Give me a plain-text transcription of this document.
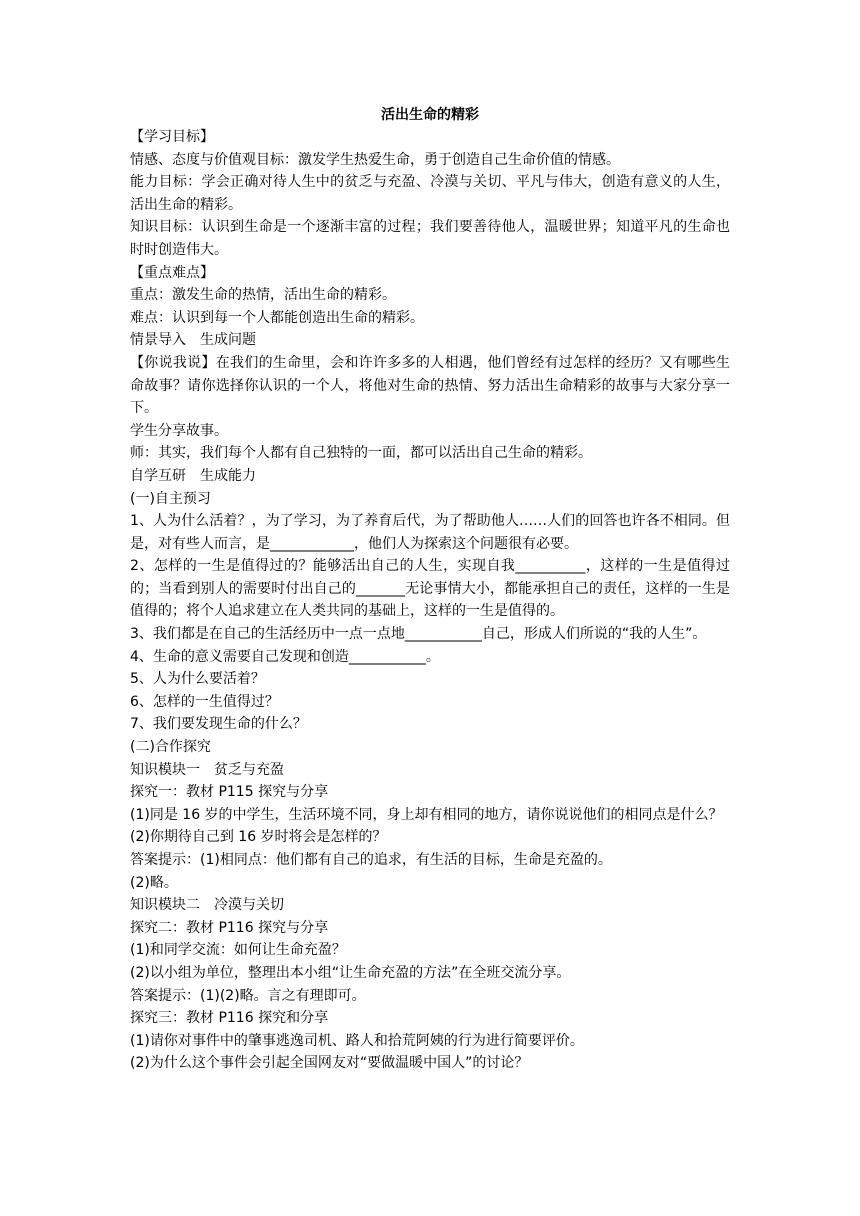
活出生命的精彩

【学习目标】

情感、态度与价值观目标：激发学生热爱生命，勇于创造自己生命价值的情感。

能力目标：学会正确对待人生中的贫乏与充盈、冷漠与关切、平凡与伟大，创造有意义的人生，活出生命的精彩。

知识目标：认识到生命是一个逐渐丰富的过程；我们要善待他人，温暖世界；知道平凡的生命也时时创造伟大。

【重点难点】

重点：激发生命的热情，活出生命的精彩。

难点：认识到每一个人都能创造出生命的精彩。

情景导入　生成问题

【你说我说】在我们的生命里，会和许许多多的人相遇，他们曾经有过怎样的经历？又有哪些生命故事？请你选择你认识的一个人，将他对生命的热情、努力活出生命精彩的故事与大家分享一下。

学生分享故事。

师：其实，我们每个人都有自己独特的一面，都可以活出自己生命的精彩。

自学互研　生成能力

(一)自主预习

1、人为什么活着？，为了学习，为了养育后代，为了帮助他人……人们的回答也许各不相同。但是，对有些人而言，是____________，他们人为探索这个问题很有必要。

2、怎样的一生是值得过的？能够活出自己的人生，实现自我__________，这样的一生是值得过的；当看到别人的需要时付出自己的_______无论事情大小，都能承担自己的责任，这样的一生是值得的；将个人追求建立在人类共同的基础上，这样的一生是值得的。

3、我们都是在自己的生活经历中一点一点地___________自己，形成人们所说的“我的人生”。

4、生命的意义需要自己发现和创造___________。

5、人为什么要活着？

6、怎样的一生值得过？

7、我们要发现生命的什么？

(二)合作探究

知识模块一　贫乏与充盈

探究一：教材 P115 探究与分享

(1)同是 16 岁的中学生，生活环境不同，身上却有相同的地方，请你说说他们的相同点是什么？

(2)你期待自己到 16 岁时将会是怎样的？

答案提示：(1)相同点：他们都有自己的追求，有生活的目标，生命是充盈的。

(2)略。

知识模块二　冷漠与关切

探究二：教材 P116 探究与分享

(1)和同学交流：如何让生命充盈？

(2)以小组为单位，整理出本小组“让生命充盈的方法”在全班交流分享。

答案提示：(1)(2)略。言之有理即可。

探究三：教材 P116 探究和分享

(1)请你对事件中的肇事逃逸司机、路人和拾荒阿姨的行为进行简要评价。

(2)为什么这个事件会引起全国网友对“要做温暖中国人”的讨论？
